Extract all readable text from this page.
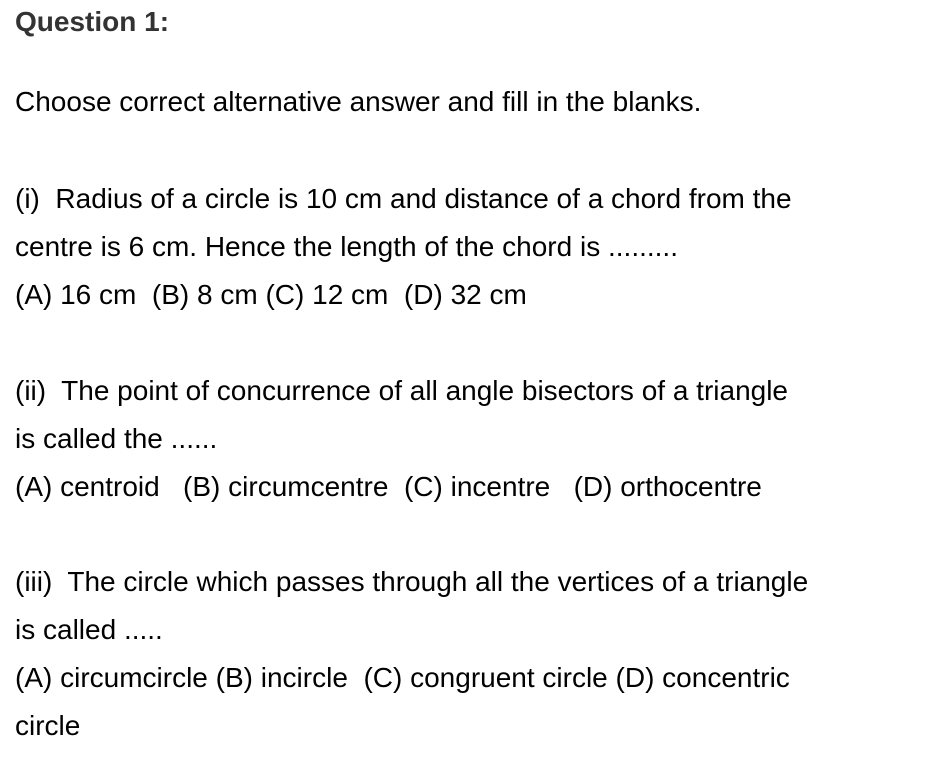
Question 1:
Choose correct alternative answer and fill in the blanks.
(i)  Radius of a circle is 10 cm and distance of a chord from the
centre is 6 cm. Hence the length of the chord is .........
(A) 16 cm  (B) 8 cm (C) 12 cm  (D) 32 cm
(ii)  The point of concurrence of all angle bisectors of a triangle
is called the ......
(A) centroid   (B) circumcentre  (C) incentre   (D) orthocentre
(iii)  The circle which passes through all the vertices of a triangle
is called .....
(A) circumcircle (B) incircle  (C) congruent circle (D) concentric
circle
